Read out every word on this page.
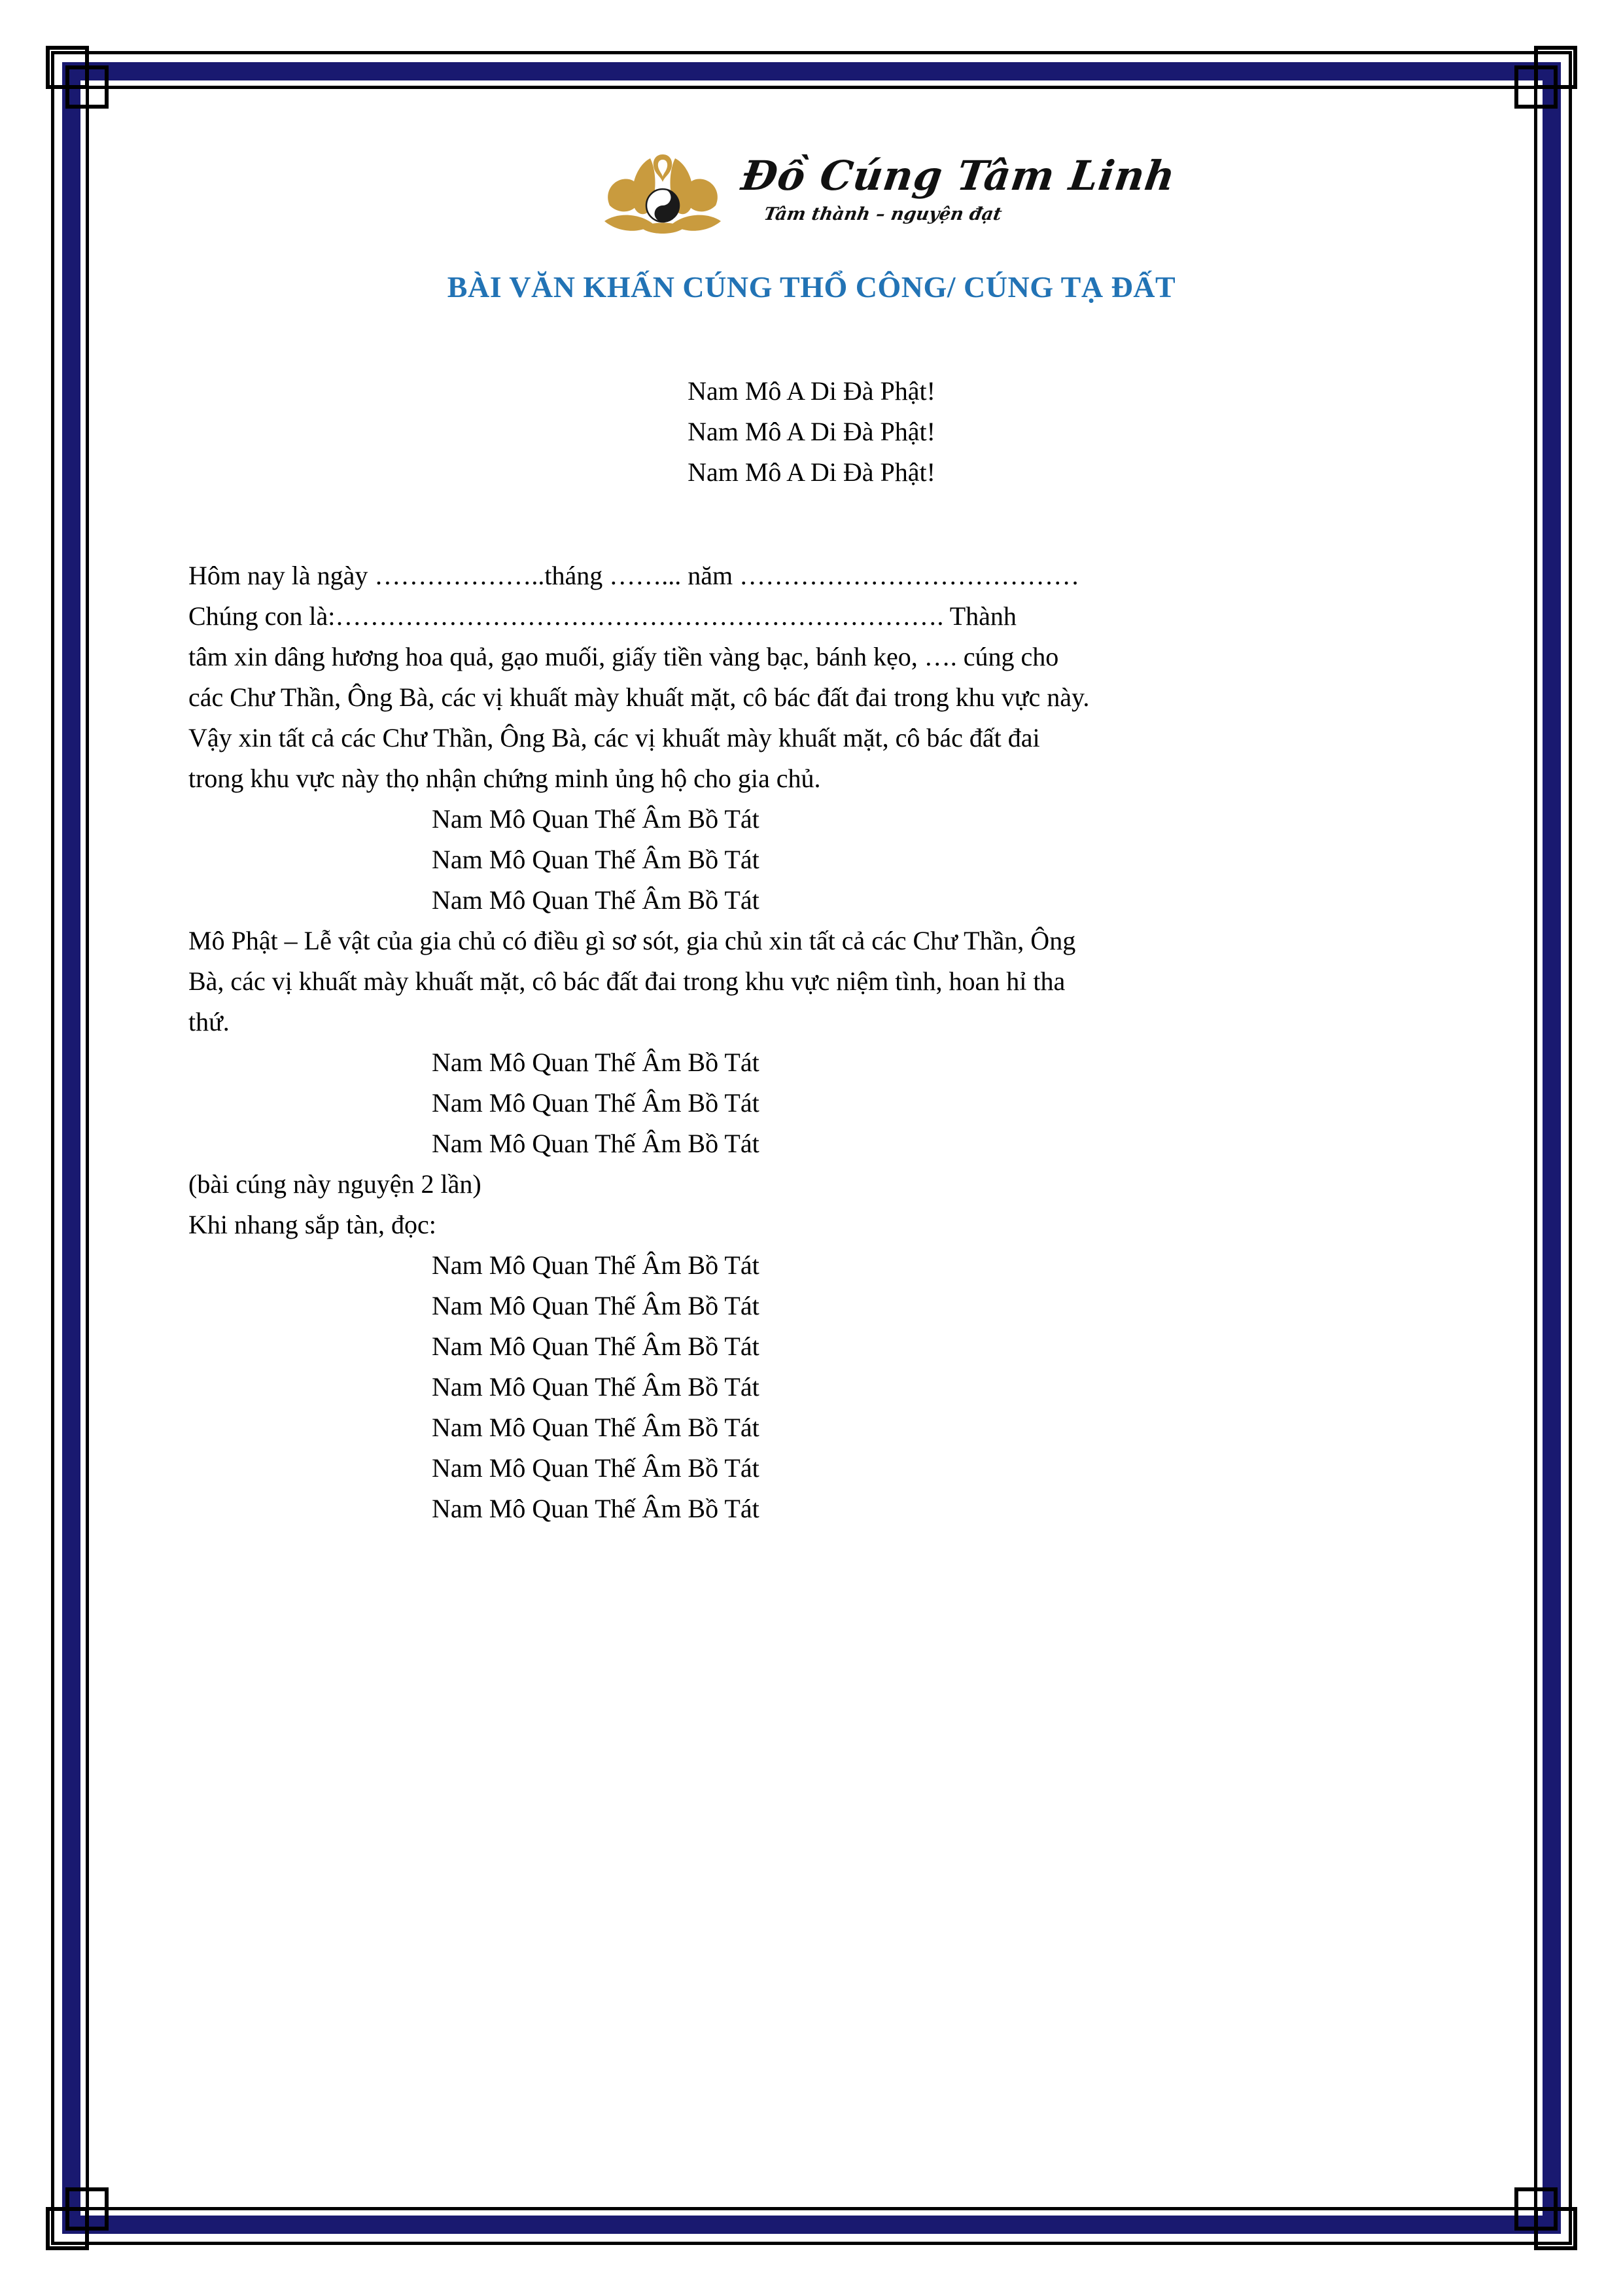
Đồ Cúng Tâm Linh
Tâm thành – nguyện đạt
BÀI VĂN KHẤN CÚNG THỔ CÔNG/ CÚNG TẠ ĐẤT

Nam Mô A Di Đà Phật!

Nam Mô A Di Đà Phật!

Nam Mô A Di Đà Phật!

Hôm nay là ngày ………………..tháng ……... năm …………………………………

Chúng con là:……………………………………………………………. Thành

tâm xin dâng hương hoa quả, gạo muối, giấy tiền vàng bạc, bánh kẹo, …. cúng cho

các Chư Thần, Ông Bà, các vị khuất mày khuất mặt, cô bác đất đai trong khu vực này.

Vậy xin tất cả các Chư Thần, Ông Bà, các vị khuất mày khuất mặt, cô bác đất đai

trong khu vực này thọ nhận chứng minh ủng hộ cho gia chủ.

Nam Mô Quan Thế Âm Bồ Tát

Nam Mô Quan Thế Âm Bồ Tát

Nam Mô Quan Thế Âm Bồ Tát

Mô Phật – Lễ vật của gia chủ có điều gì sơ sót, gia chủ xin tất cả các Chư Thần, Ông

Bà, các vị khuất mày khuất mặt, cô bác đất đai trong khu vực niệm tình, hoan hỉ tha

thứ.

Nam Mô Quan Thế Âm Bồ Tát

Nam Mô Quan Thế Âm Bồ Tát

Nam Mô Quan Thế Âm Bồ Tát

(bài cúng này nguyện 2 lần)

Khi nhang sắp tàn, đọc:

Nam Mô Quan Thế Âm Bồ Tát

Nam Mô Quan Thế Âm Bồ Tát

Nam Mô Quan Thế Âm Bồ Tát

Nam Mô Quan Thế Âm Bồ Tát

Nam Mô Quan Thế Âm Bồ Tát

Nam Mô Quan Thế Âm Bồ Tát

Nam Mô Quan Thế Âm Bồ Tát
